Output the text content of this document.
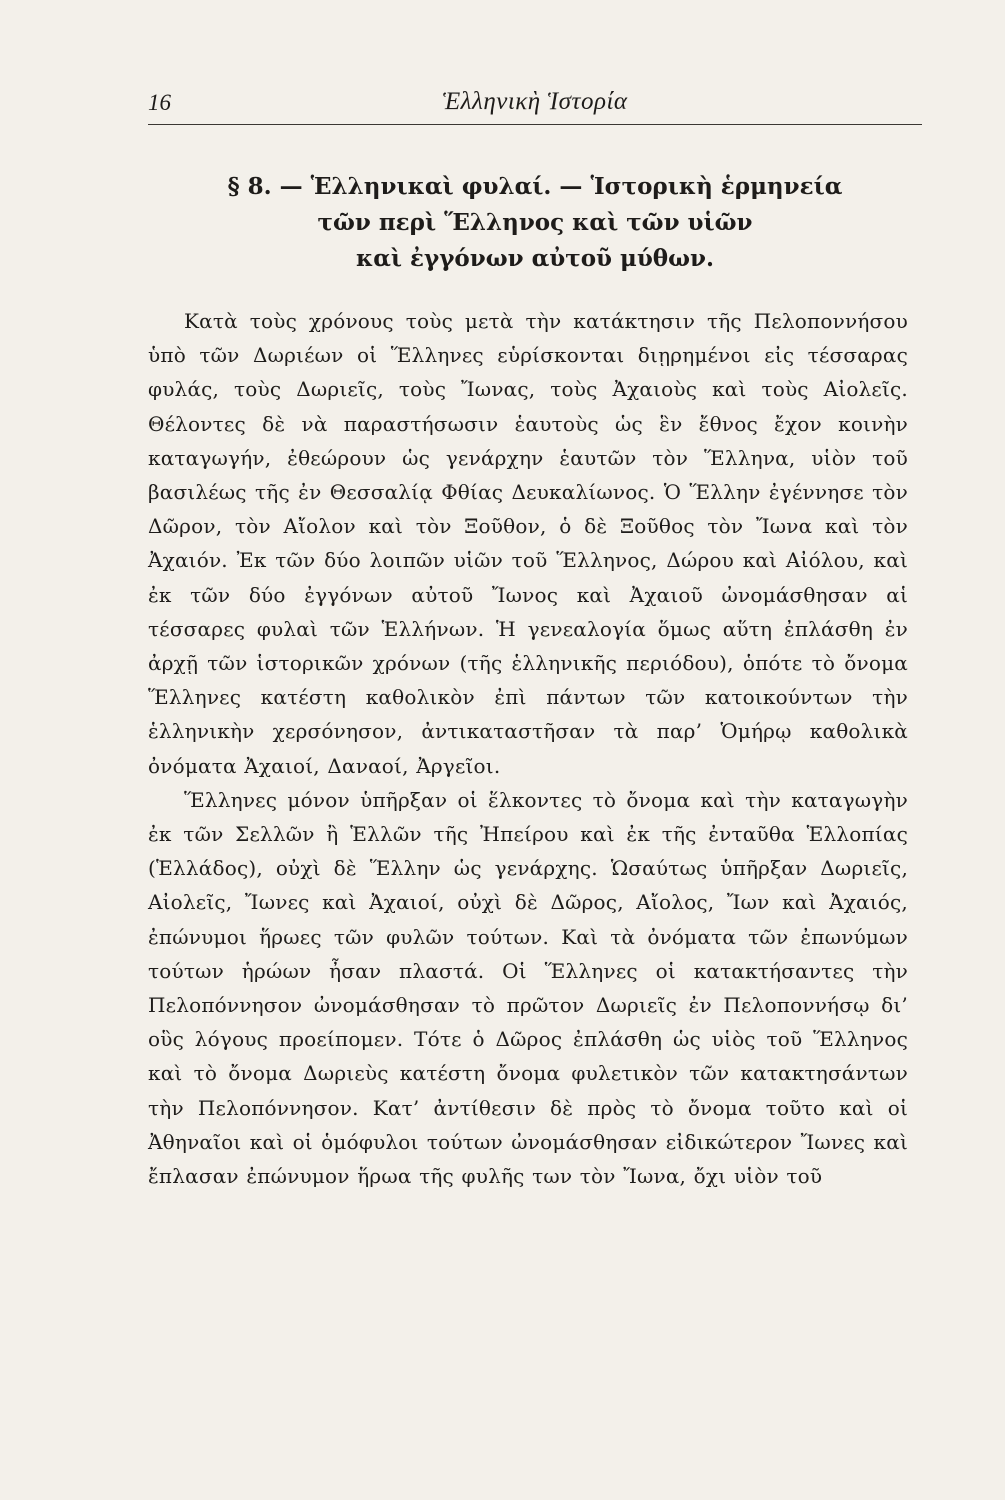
16	Ἑλληνικὴ Ἱστορία
§ 8. — Ἑλληνικαὶ φυλαί. — Ἱστορικὴ ἑρμηνεία
τῶν περὶ Ἕλληνος καὶ τῶν υἱῶν
καὶ ἐγγόνων αὐτοῦ μύθων.

Κατὰ τοὺς χρόνους τοὺς μετὰ τὴν κατάκτησιν τῆς Πελοποννήσου ὑπὸ τῶν Δωριέων οἱ Ἕλληνες εὑρίσκονται διῃρημένοι εἰς τέσσαρας φυλάς, τοὺς Δωριεῖς, τοὺς Ἴωνας, τοὺς Ἀχαιοὺς καὶ τοὺς Αἰολεῖς. Θέλοντες δὲ νὰ παραστήσωσιν ἑαυτοὺς ὡς ἓν ἔθνος ἔχον κοινὴν καταγωγήν, ἐθεώρουν ὡς γενάρχην ἑαυτῶν τὸν Ἕλληνα, υἱὸν τοῦ βασιλέως τῆς ἐν Θεσσαλίᾳ Φθίας Δευκαλίωνος. Ὁ Ἕλλην ἐγέννησε τὸν Δῶρον, τὸν Αἴολον καὶ τὸν Ξοῦθον, ὁ δὲ Ξοῦθος τὸν Ἴωνα καὶ τὸν Ἀχαιόν. Ἐκ τῶν δύο λοιπῶν υἱῶν τοῦ Ἕλληνος, Δώρου καὶ Αἰόλου, καὶ ἐκ τῶν δύο ἐγγόνων αὐτοῦ Ἴωνος καὶ Ἀχαιοῦ ὠνομάσθησαν αἱ τέσσαρες φυλαὶ τῶν Ἑλλήνων. Ἡ γενεαλογία ὅμως αὕτη ἐπλάσθη ἐν ἀρχῇ τῶν ἱστορικῶν χρόνων (τῆς ἑλληνικῆς περιόδου), ὁπότε τὸ ὄνομα Ἕλληνες κατέστη καθολικὸν ἐπὶ πάντων τῶν κατοικούντων τὴν ἑλληνικὴν χερσόνησον, ἀντικαταστῆσαν τὰ παρ’ Ὁμήρῳ καθολικὰ ὀνόματα Ἀχαιοί, Δαναοί, Ἀργεῖοι.

Ἕλληνες μόνον ὑπῆρξαν οἱ ἕλκοντες τὸ ὄνομα καὶ τὴν καταγωγὴν ἐκ τῶν Σελλῶν ἢ Ἑλλῶν τῆς Ἠπείρου καὶ ἐκ τῆς ἐνταῦθα Ἑλλοπίας (Ἑλλάδος), οὐχὶ δὲ Ἕλλην ὡς γενάρχης. Ὡσαύτως ὑπῆρξαν Δωριεῖς, Αἰολεῖς, Ἴωνες καὶ Ἀχαιοί, οὐχὶ δὲ Δῶρος, Αἴολος, Ἴων καὶ Ἀχαιός, ἐπώνυμοι ἥρωες τῶν φυλῶν τούτων. Καὶ τὰ ὀνόματα τῶν ἐπωνύμων τούτων ἡρώων ἦσαν πλαστά. Οἱ Ἕλληνες οἱ κατακτήσαντες τὴν Πελοπόννησον ὠνομάσθησαν τὸ πρῶτον Δωριεῖς ἐν Πελοποννήσῳ δι’ οὓς λόγους προείπομεν. Τότε ὁ Δῶρος ἐπλάσθη ὡς υἱὸς τοῦ Ἕλληνος καὶ τὸ ὄνομα Δωριεὺς κατέστη ὄνομα φυλετικὸν τῶν κατακτησάντων τὴν Πελοπόννησον. Κατ’ ἀντίθεσιν δὲ πρὸς τὸ ὄνομα τοῦτο καὶ οἱ Ἀθηναῖοι καὶ οἱ ὁμόφυλοι τούτων ὠνομάσθησαν εἰδικώτερον Ἴωνες καὶ ἔπλασαν ἐπώνυμον ἥρωα τῆς φυλῆς των τὸν Ἴωνα, ὄχι υἱὸν τοῦ
